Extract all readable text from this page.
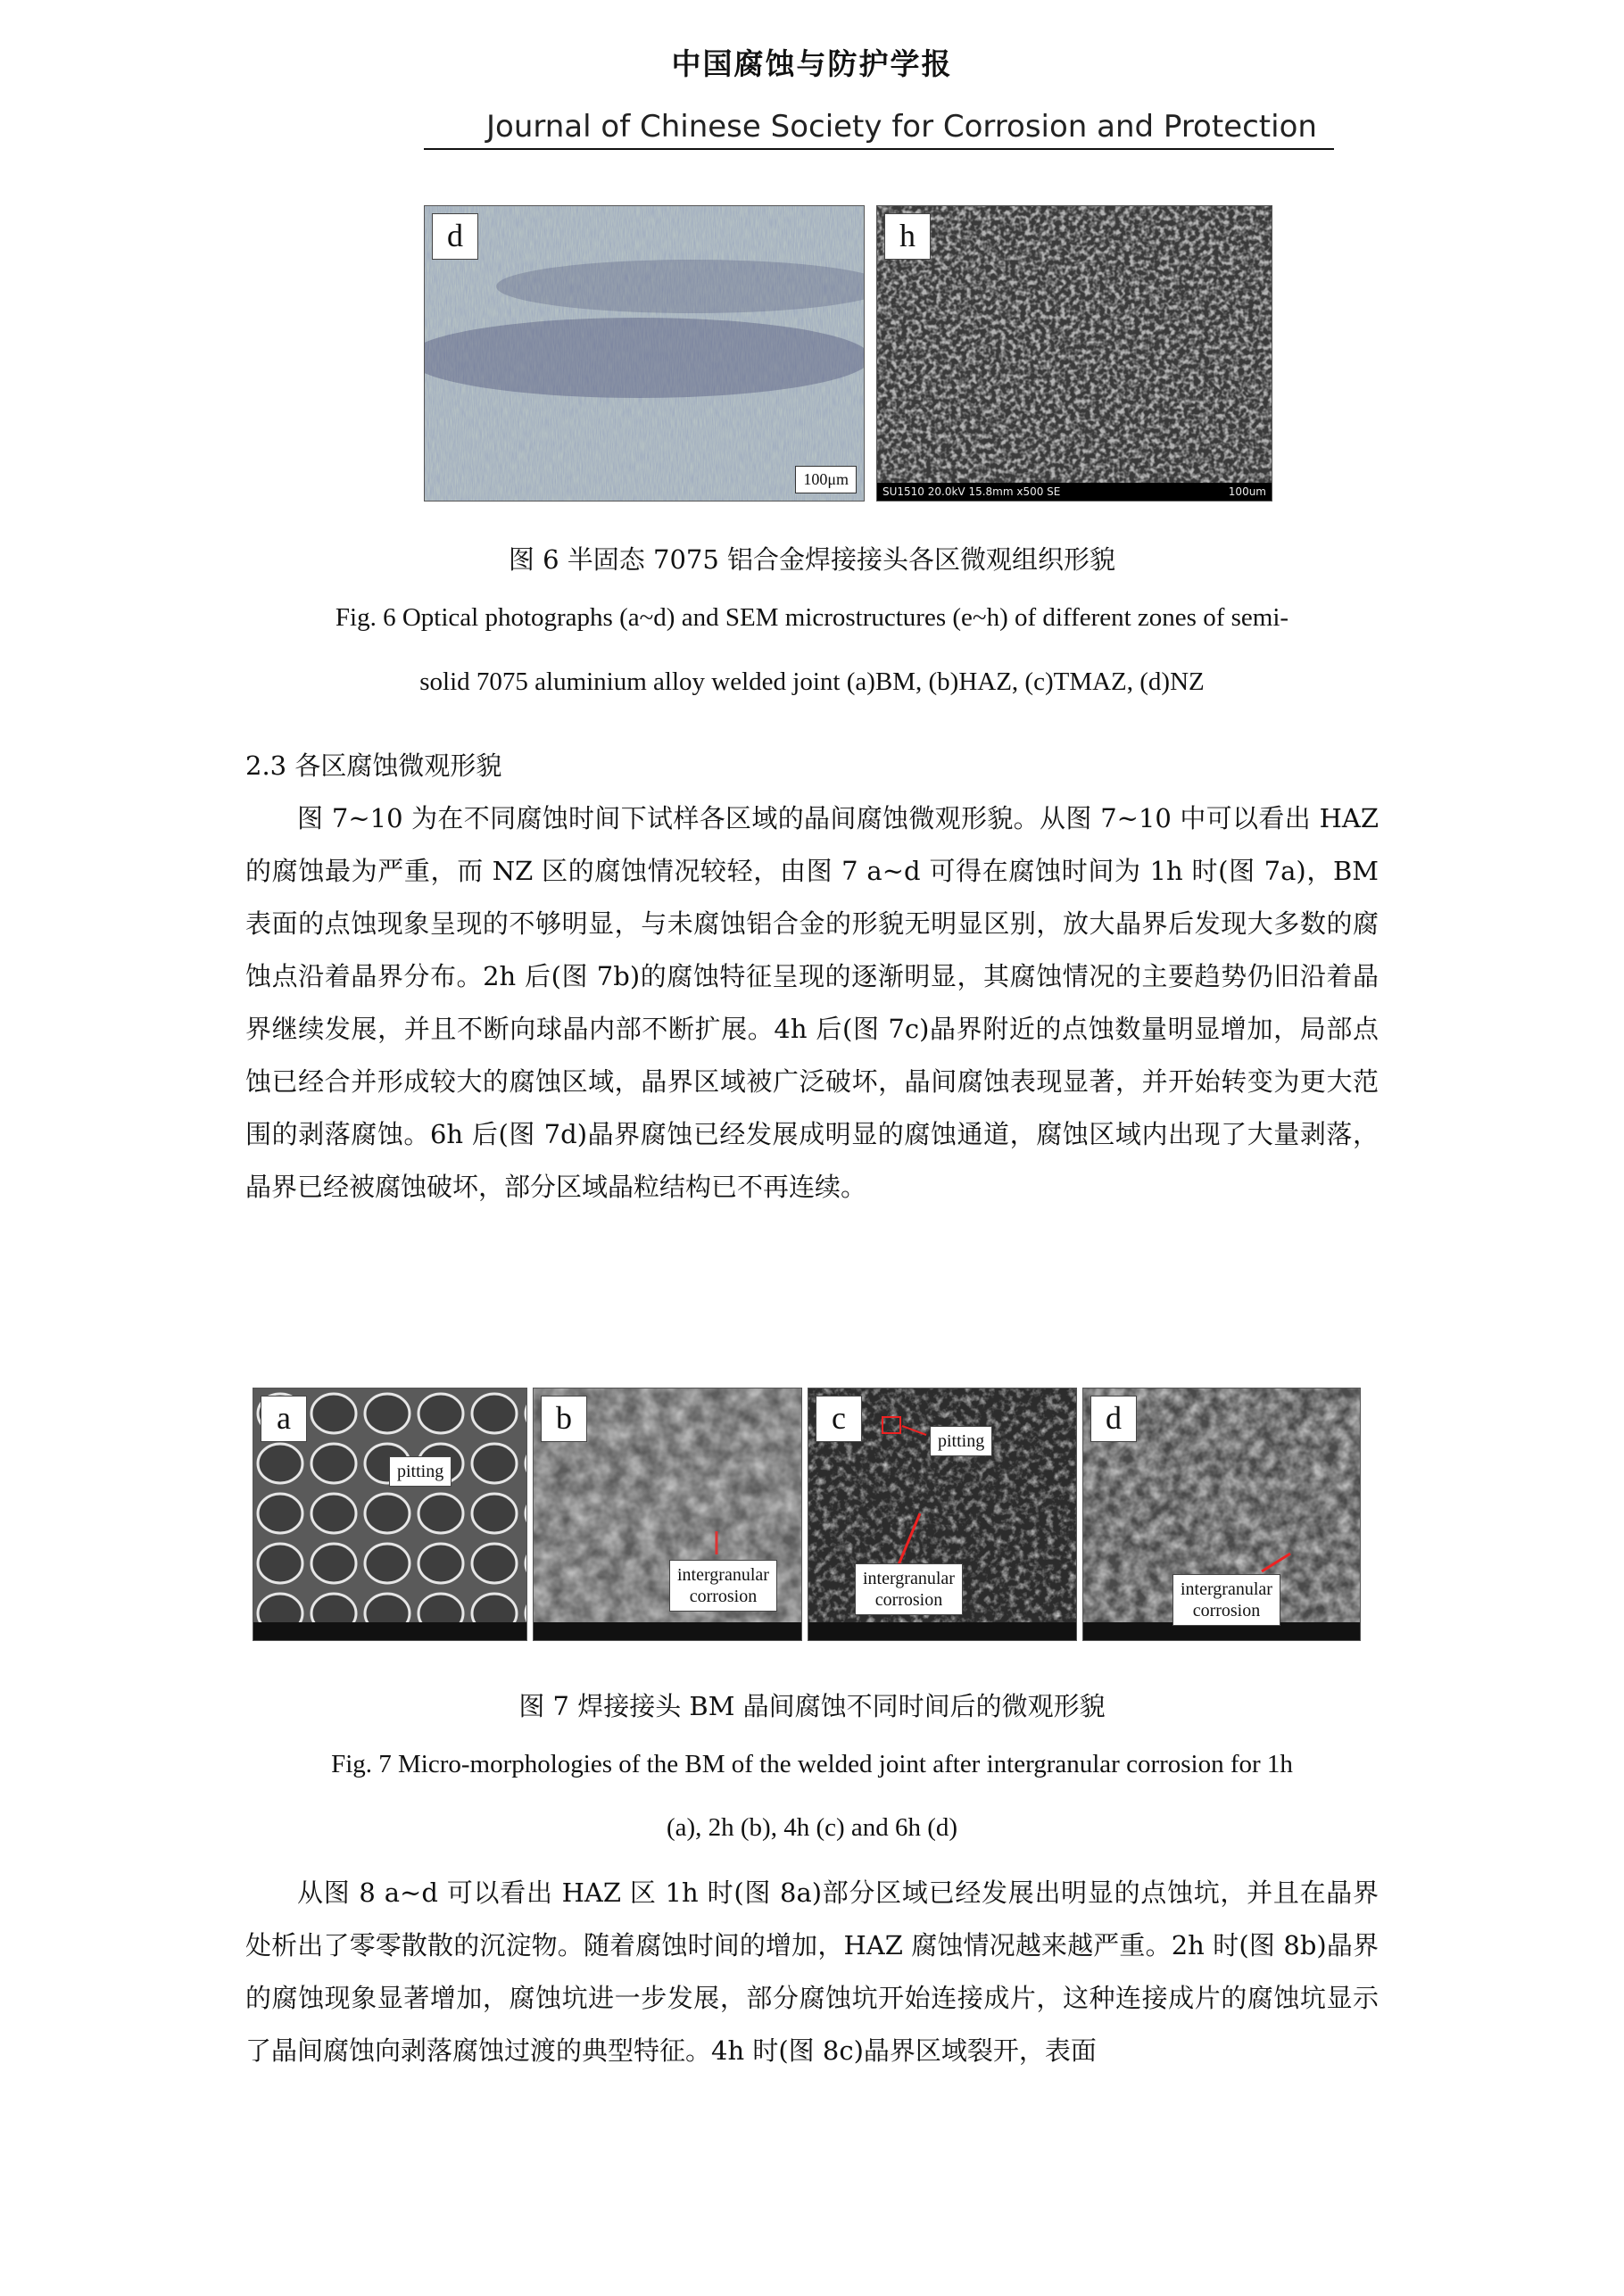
中国腐蚀与防护学报
Journal of Chinese Society for Corrosion and Protection
d
100μm
h
SU1510 20.0kV 15.8mm x500 SE	100um
图 6 半固态 7075 铝合金焊接接头各区微观组织形貌
Fig. 6 Optical photographs (a~d) and SEM microstructures (e~h) of different zones of semi-
solid 7075 aluminium alloy welded joint (a)BM, (b)HAZ, (c)TMAZ, (d)NZ
2.3 各区腐蚀微观形貌

图 7~10 为在不同腐蚀时间下试样各区域的晶间腐蚀微观形貌。从图 7~10 中可以看出 HAZ 的腐蚀最为严重，而 NZ 区的腐蚀情况较轻，由图 7 a~d 可得在腐蚀时间为 1h 时(图 7a)，BM 表面的点蚀现象呈现的不够明显，与未腐蚀铝合金的形貌无明显区别，放大晶界后发现大多数的腐蚀点沿着晶界分布。2h 后(图 7b)的腐蚀特征呈现的逐渐明显，其腐蚀情况的主要趋势仍旧沿着晶界继续发展，并且不断向球晶内部不断扩展。4h 后(图 7c)晶界附近的点蚀数量明显增加，局部点蚀已经合并形成较大的腐蚀区域，晶界区域被广泛破坏，晶间腐蚀表现显著，并开始转变为更大范围的剥落腐蚀。6h 后(图 7d)晶界腐蚀已经发展成明显的腐蚀通道，腐蚀区域内出现了大量剥落，晶界已经被腐蚀破坏，部分区域晶粒结构已不再连续。

a
pitting
b
intergranular
corrosion
c
pitting
intergranular
corrosion
d
intergranular
corrosion
图 7 焊接接头 BM 晶间腐蚀不同时间后的微观形貌
Fig. 7 Micro-morphologies of the BM of the welded joint after intergranular corrosion for 1h
(a), 2h (b), 4h (c) and 6h (d)

从图 8 a~d 可以看出 HAZ 区 1h 时(图 8a)部分区域已经发展出明显的点蚀坑，并且在晶界处析出了零零散散的沉淀物。随着腐蚀时间的增加，HAZ 腐蚀情况越来越严重。2h 时(图 8b)晶界的腐蚀现象显著增加，腐蚀坑进一步发展，部分腐蚀坑开始连接成片，这种连接成片的腐蚀坑显示了晶间腐蚀向剥落腐蚀过渡的典型特征。4h 时(图 8c)晶界区域裂开，表面
